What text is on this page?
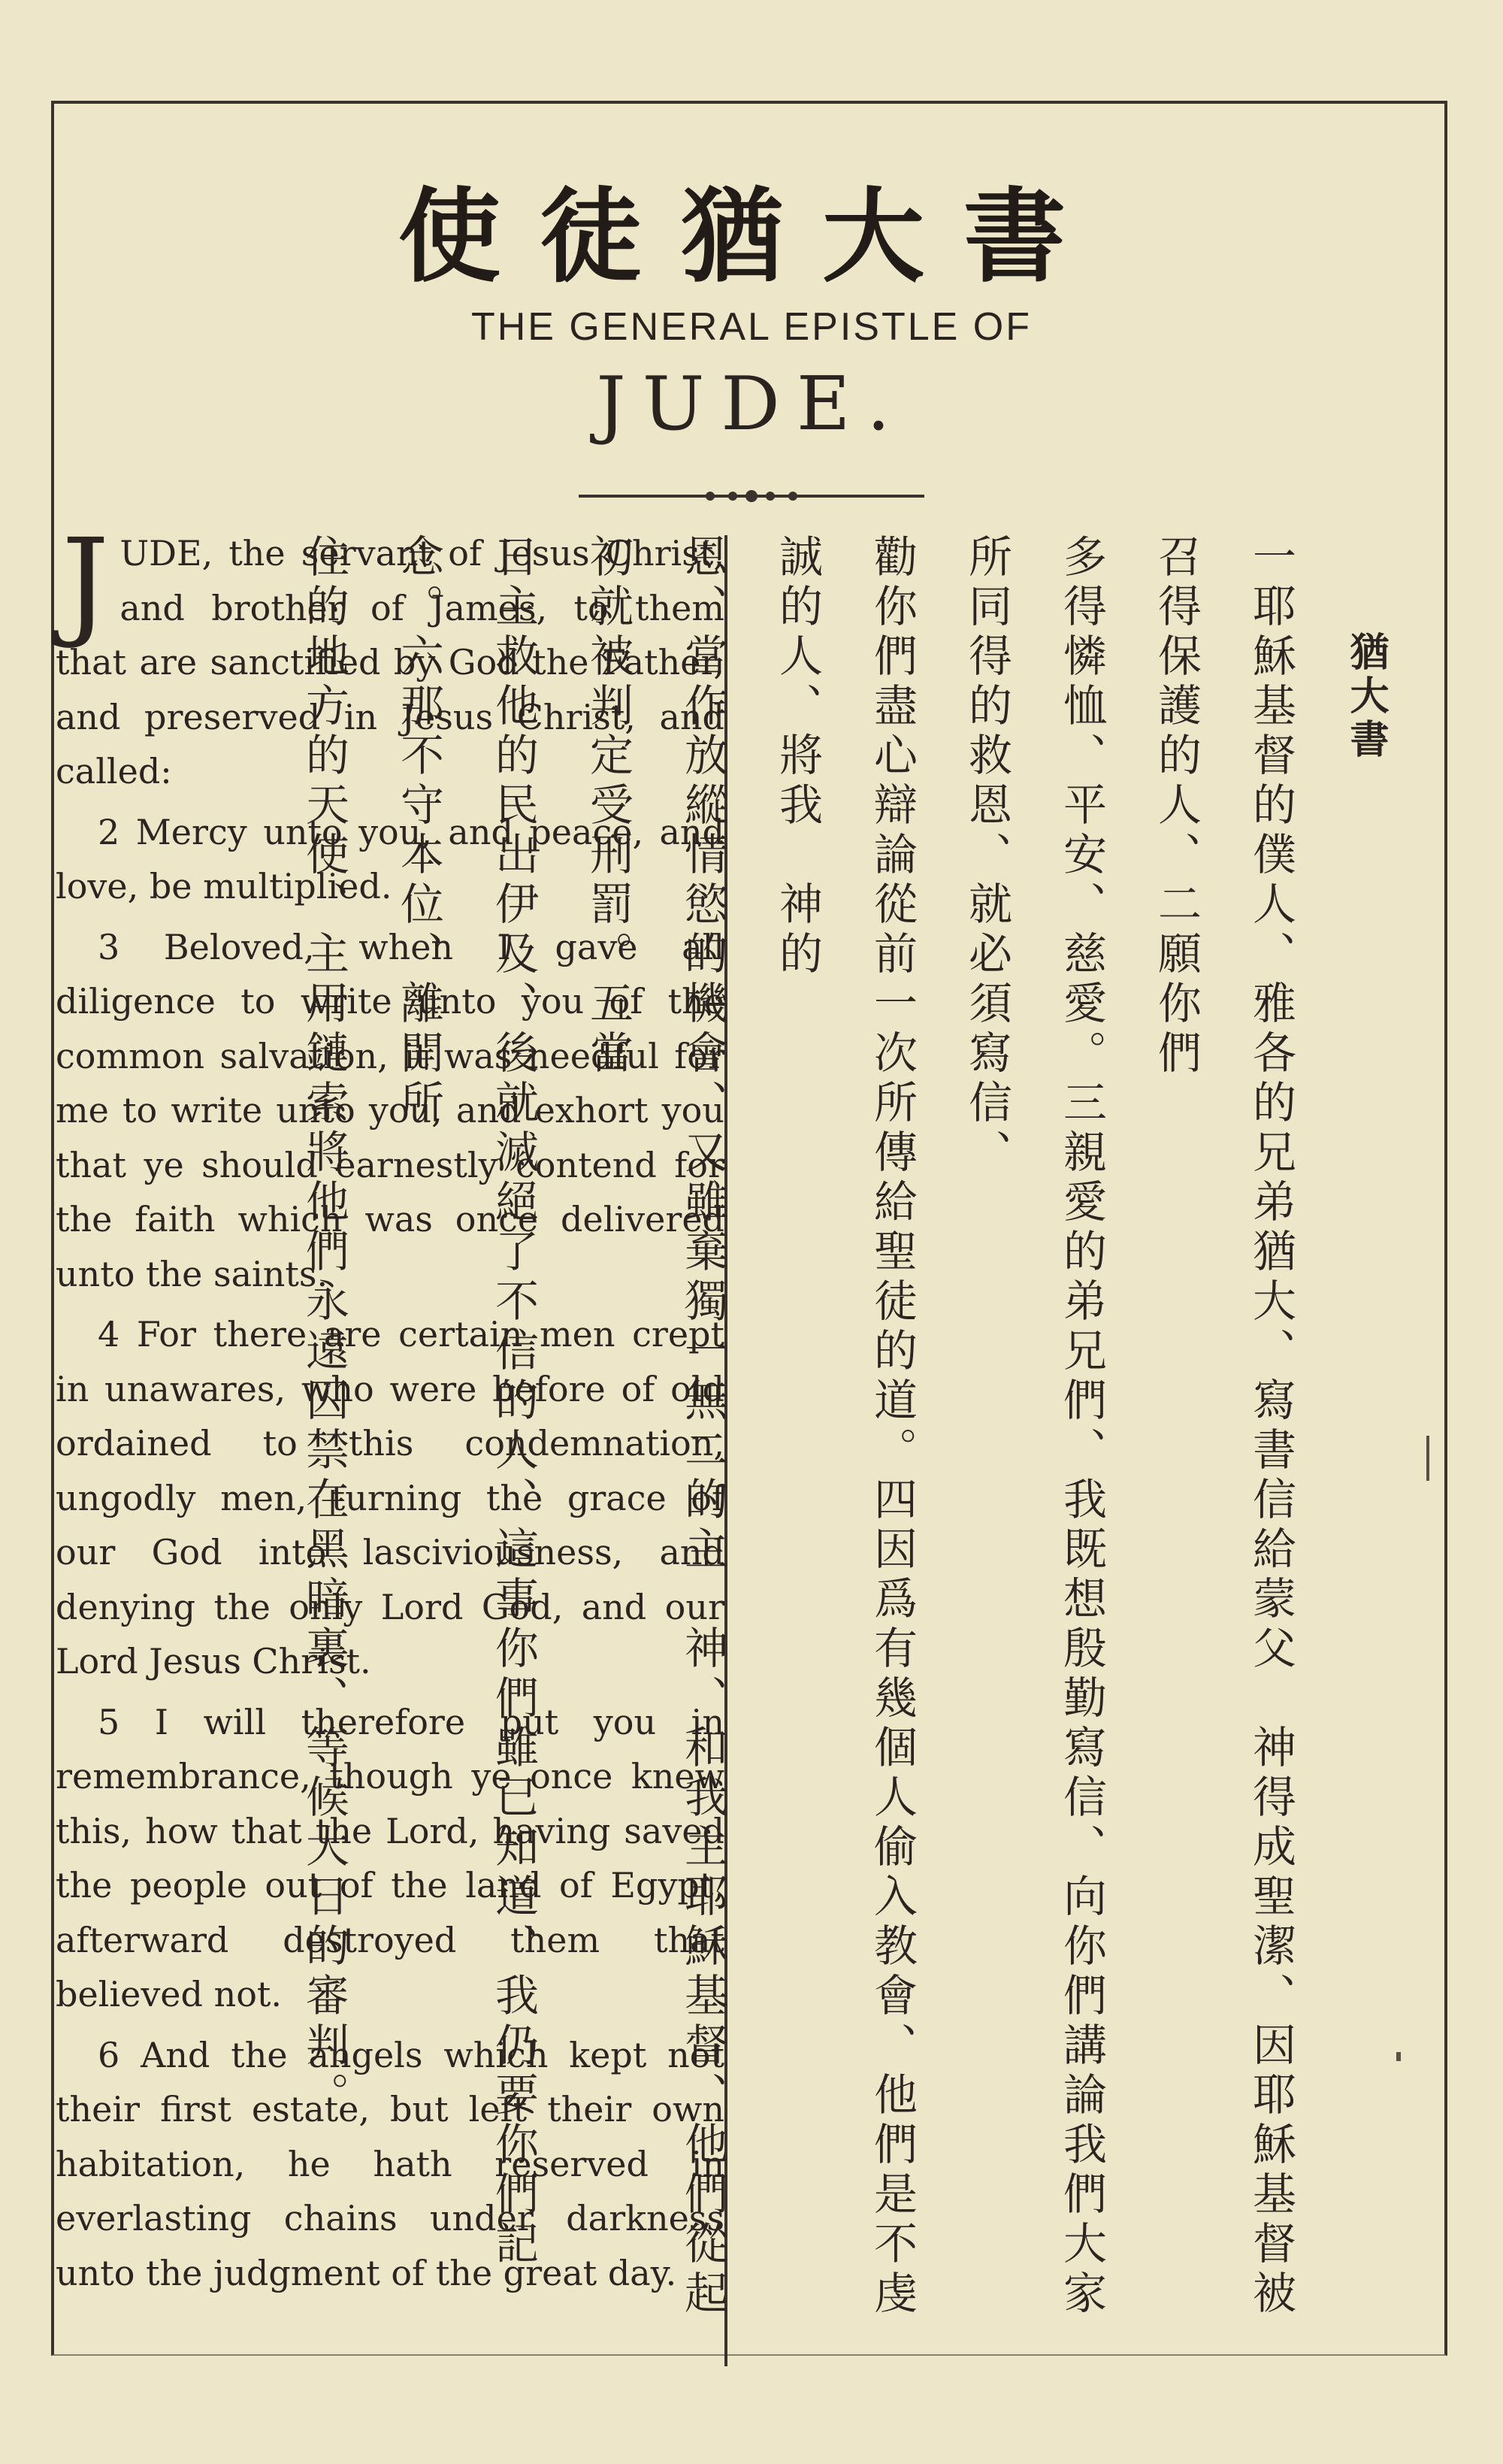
使徒猶大書
THE GENERAL EPISTLE OF
JUDE.

J UDE, the servant of Jesus Christ, and brother of James, to them that are sanctified by God the Father, and preserved in Jesus Christ, and called:

2 Mercy unto you, and peace, and love, be multiplied.

3 Beloved, when I gave all diligence to write unto you of the common salvation, it was needful for me to write unto you, and exhort you that ye should earnestly contend for the faith which was once delivered unto the saints.

4 For there are certain men crept in unawares, who were before of old ordained to this condemnation, ungodly men, turning the grace of our God into lasciviousness, and denying the only Lord God, and our Lord Jesus Christ.

5 I will therefore put you in remembrance, though ye once knew this, how that the Lord, having saved the people out of the land of Egypt, afterward destroyed them that believed not.

6 And the angels which kept not their first estate, but left their own habitation, he hath reserved in everlasting chains under darkness unto the judgment of the great day.

猶大書
一耶穌基督的僕人、雅各的兄弟猶大、寫書信給蒙父　神得成聖潔、因耶穌基督被召得保護的人、二願你們
多得憐恤、平安、慈愛。三親愛的弟兄們、我既想殷勤寫信、向你們講論我們大家所同得的救恩、就必須寫信、
勸你們盡心辯論從前一次所傳給聖徒的道。四因爲有幾個人偷入教會、他們是不虔誠的人、將我　神的
恩、當作放縱情慾的機會、又雖棄獨一無二的主　神、和我主耶穌基督、他們從起初就被判定受刑罰。五當
日主救他的民出伊及、後就滅絕了不信的人、這事你們雖已知道、我仍要你們記念。六那不守本位、離開所
住的地方的天使、主用鏈索將他們永遠囚禁在黑暗裏、等候大日的審判。
